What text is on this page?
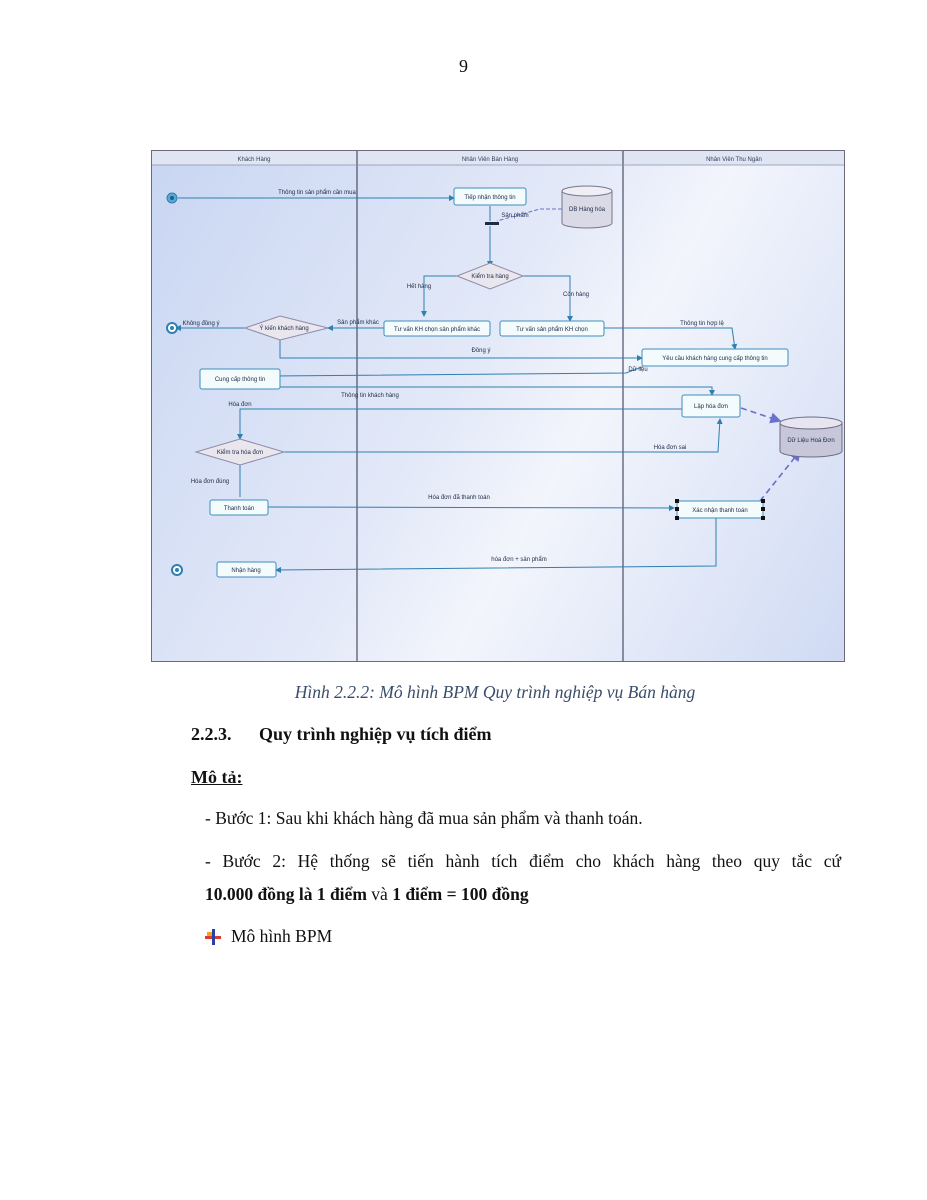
9
Khách Hàng	Nhân Viên Bán Hàng	Nhân Viên Thu Ngân
Tiếp nhận thông tin
Tư vấn KH chọn sản phẩm khác	Tư vấn sản phẩm KH chọn
Yêu cầu khách hàng cung cấp thông tin
Cung cấp thông tin
Lập hóa đơn
Thanh toán	Xác nhận thanh toán
Nhận hàng
Kiểm tra hàng
Ý kiến khách hàng
Kiểm tra hóa đơn
DB Hàng hóa
Dữ Liệu Hoá Đơn
Thông tin sản phẩm cần mua
Sản phẩm
Hết hàng
Còn hàng
Sản phẩm khác
Không đồng ý	Thông tin hợp lệ
Đồng ý
Dữ liệu
Thông tin khách hàng
Hóa đơn
Hóa đơn sai
Hóa đơn đúng
Hóa đơn đã thanh toán
hóa đơn + sản phẩm
Hình 2.2.2: Mô hình BPM Quy trình nghiệp vụ Bán hàng
2.2.3. Quy trình nghiệp vụ tích điểm
Mô tả:
- Bước 1: Sau khi khách hàng đã mua sản phẩm và thanh toán.
- Bước 2: Hệ thống sẽ tiến hành tích điểm cho khách hàng theo quy tắc cứ
10.000 đồng là 1 điểm và 1 điểm = 100 đồng
Mô hình BPM
